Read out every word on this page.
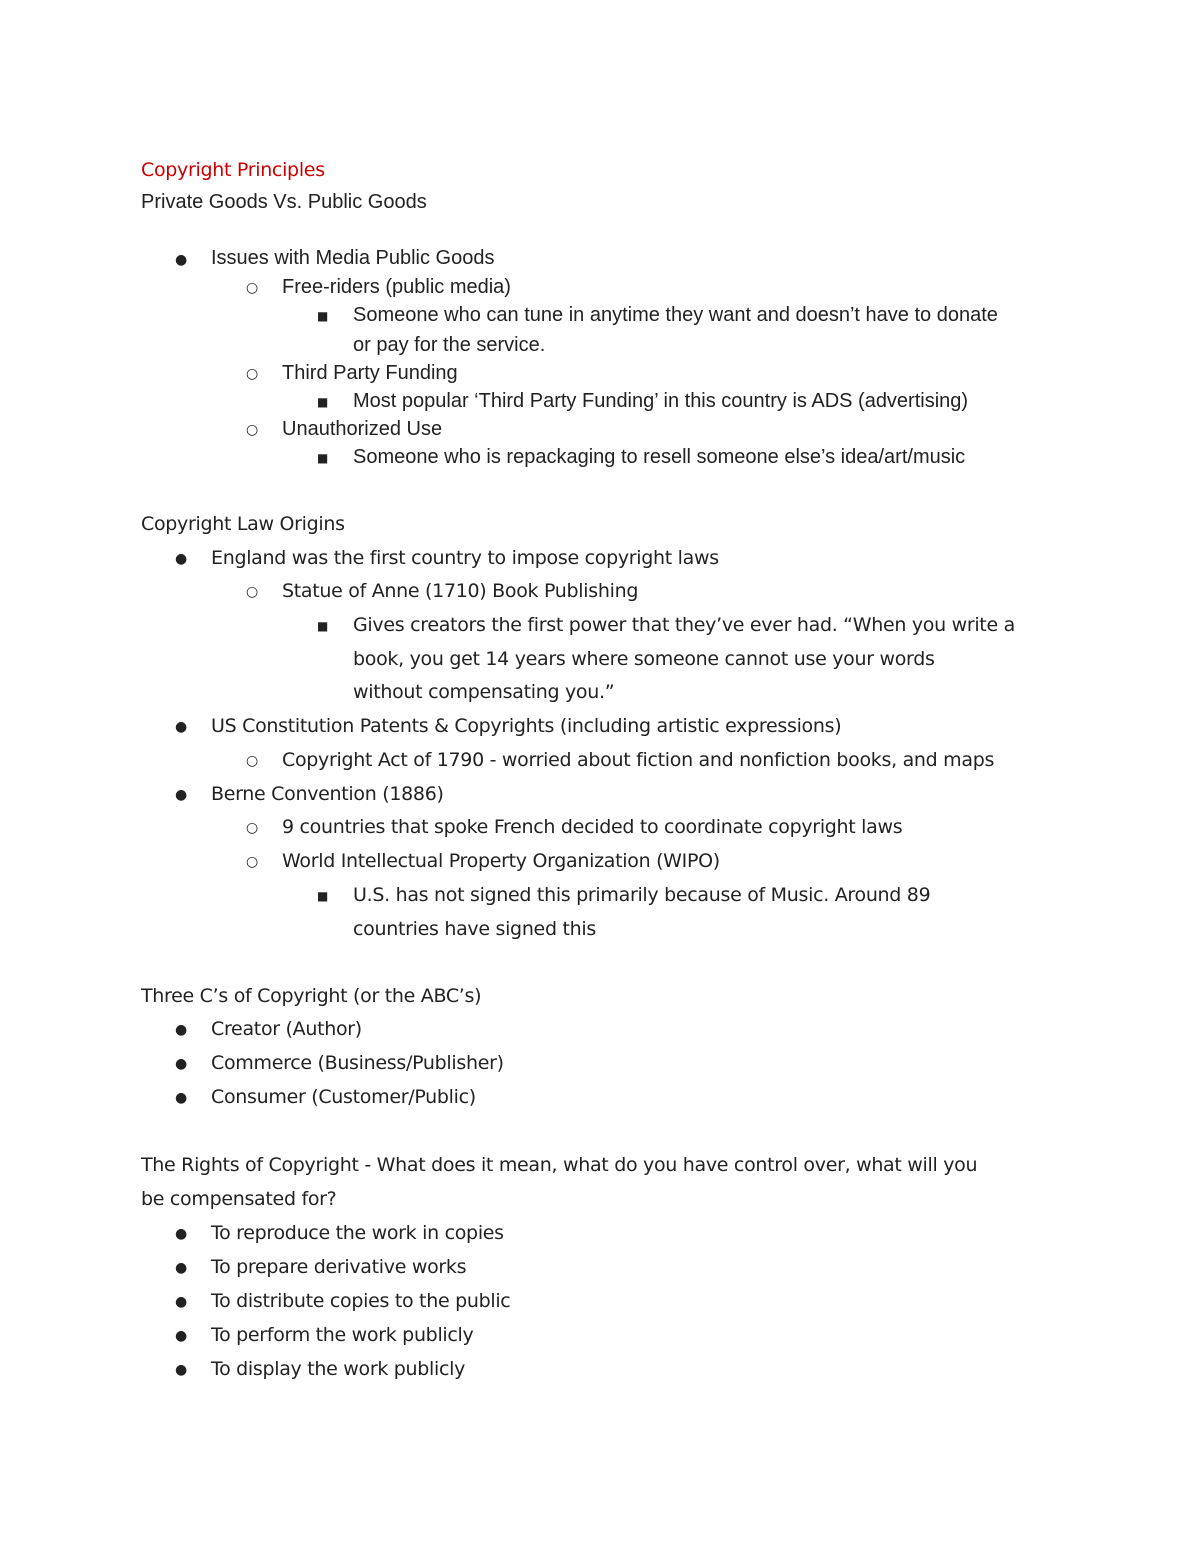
Copyright Principles
Private Goods Vs. Public Goods
● Issues with Media Public Goods
○ Free-riders (public media)
■ Someone who can tune in anytime they want and doesn’t have to donate
or pay for the service.
○ Third Party Funding
■ Most popular ‘Third Party Funding’ in this country is ADS (advertising)
○ Unauthorized Use
■ Someone who is repackaging to resell someone else’s idea/art/music
Copyright Law Origins
● England was the first country to impose copyright laws
○ Statue of Anne (1710) Book Publishing
■ Gives creators the first power that they’ve ever had. “When you write a
book, you get 14 years where someone cannot use your words
without compensating you.”
● US Constitution Patents & Copyrights (including artistic expressions)
○ Copyright Act of 1790 - worried about fiction and nonfiction books, and maps
● Berne Convention (1886)
○ 9 countries that spoke French decided to coordinate copyright laws
○ World Intellectual Property Organization (WIPO)
■ U.S. has not signed this primarily because of Music. Around 89
countries have signed this
Three C’s of Copyright (or the ABC’s)
● Creator (Author)
● Commerce (Business/Publisher)
● Consumer (Customer/Public)
The Rights of Copyright - What does it mean, what do you have control over, what will you
be compensated for?
● To reproduce the work in copies
● To prepare derivative works
● To distribute copies to the public
● To perform the work publicly
● To display the work publicly
